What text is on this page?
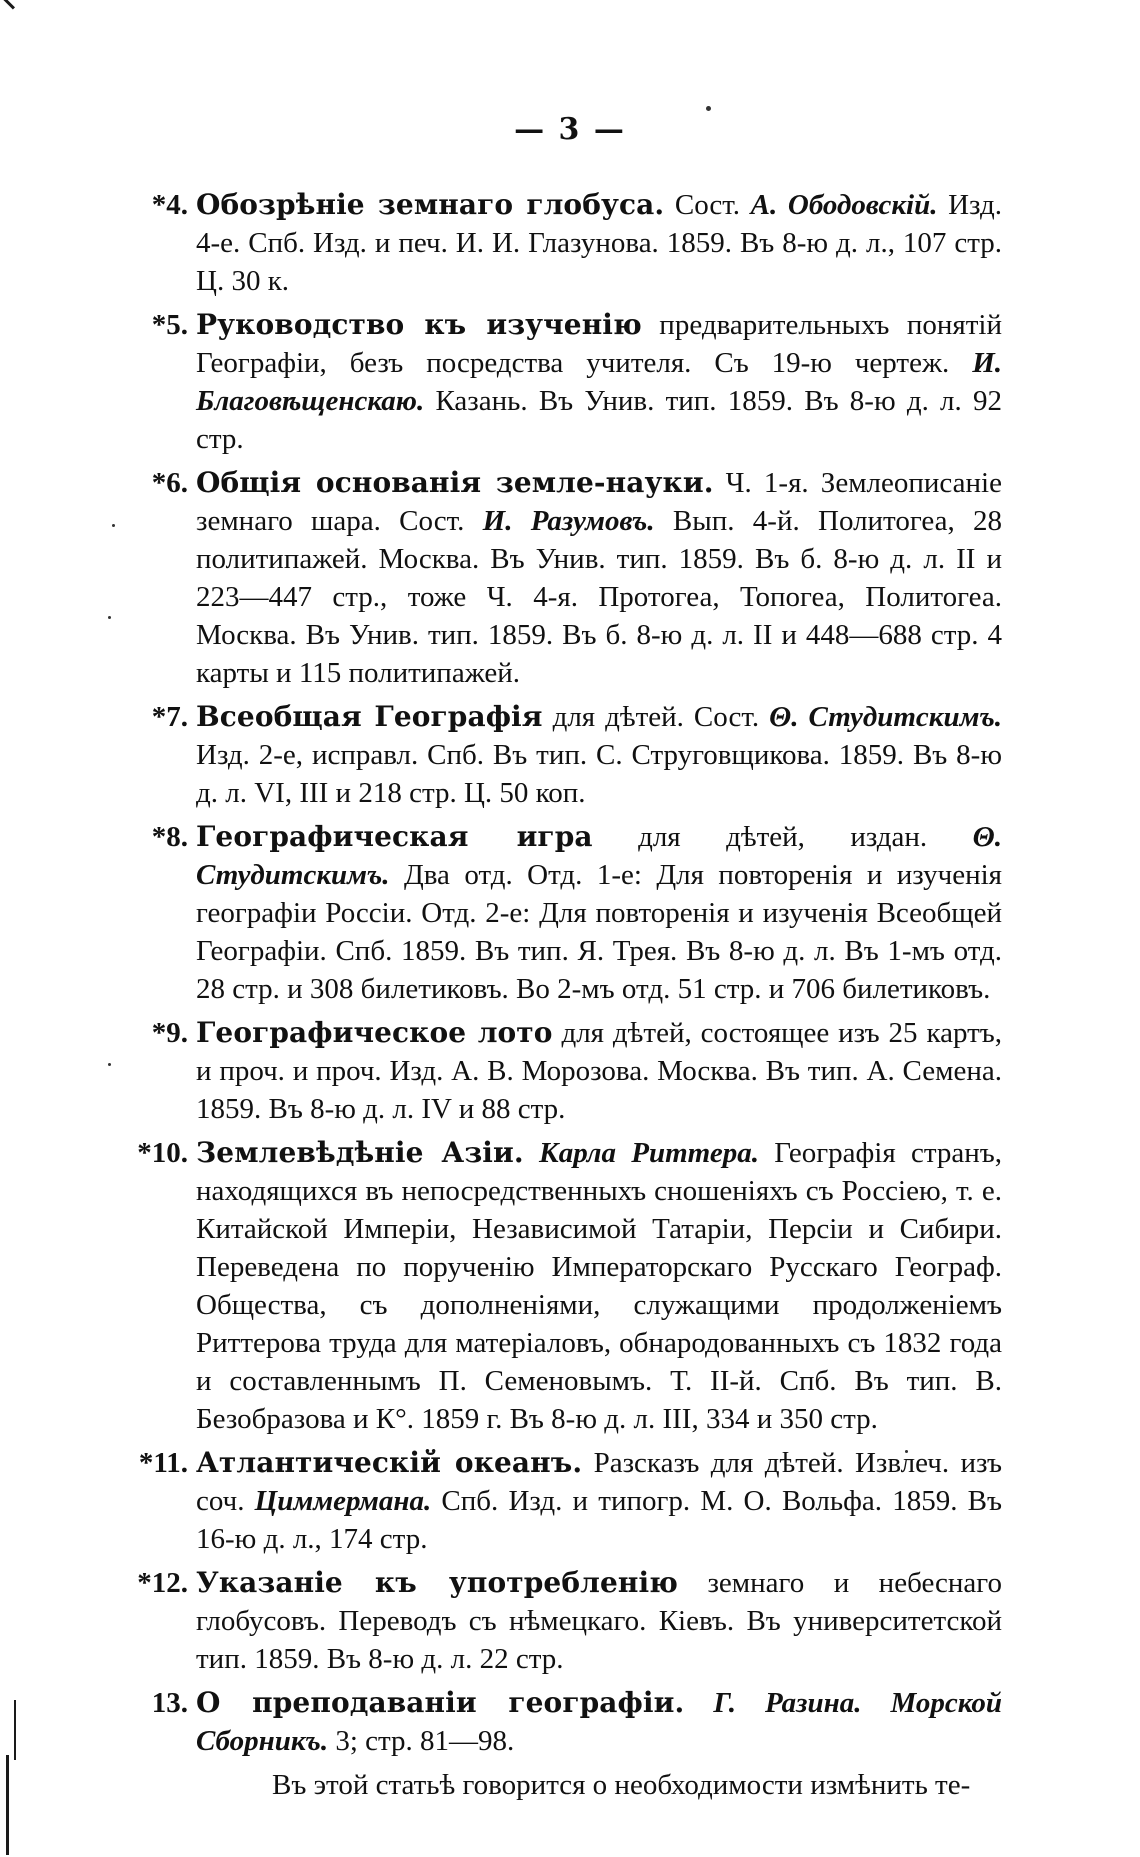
— 3 —
*4. Обозрѣніе земнаго глобуса. Сост. А. Ободовскій. Изд. 4-е. Спб. Изд. и печ. И. И. Глазунова. 1859. Въ 8-ю д. л., 107 стр. Ц. 30 к.
*5. Руководство къ изученію предварительныхъ понятій Географіи, безъ посредства учителя. Съ 19-ю чертеж. И. Благовѣщенскаю. Казань. Въ Унив. тип. 1859. Въ 8-ю д. л. 92 стр.
*6. Общія основанія земле-науки. Ч. 1-я. Землеописаніе земнаго шара. Сост. И. Разумовъ. Вып. 4-й. Политогеа, 28 политипажей. Москва. Въ Унив. тип. 1859. Въ б. 8-ю д. л. II и 223—447 стр., тоже Ч. 4-я. Протогеа, Топогеа, Политогеа. Москва. Въ Унив. тип. 1859. Въ б. 8-ю д. л. II и 448—688 стр. 4 карты и 115 политипажей.
*7. Всеобщая Географія для дѣтей. Сост. Θ. Студитскимъ. Изд. 2-е, исправл. Спб. Въ тип. С. Струговщикова. 1859. Въ 8-ю д. л. VI, III и 218 стр. Ц. 50 коп.
*8. Географическая игра для дѣтей, издан. Θ. Студитскимъ. Два отд. Отд. 1-е: Для повторенія и изученія географіи Россіи. Отд. 2-е: Для повторенія и изученія Всеобщей Географіи. Спб. 1859. Въ тип. Я. Трея. Въ 8-ю д. л. Въ 1-мъ отд. 28 стр. и 308 билетиковъ. Во 2-мъ отд. 51 стр. и 706 билетиковъ.
*9. Географическое лото для дѣтей, состоящее изъ 25 картъ, и проч. и проч. Изд. А. В. Морозова. Москва. Въ тип. А. Семена. 1859. Въ 8-ю д. л. IV и 88 стр.
*10. Землевѣдѣніе Азіи. Карла Риттера. Географія странъ, находящихся въ непосредственныхъ сношеніяхъ съ Россіею, т. е. Китайской Имперіи, Независимой Татаріи, Персіи и Сибири. Переведена по порученію Императорскаго Русскаго Географ. Общества, съ дополненіями, служащими продолженіемъ Риттерова труда для матеріаловъ, обнародованныхъ съ 1832 года и составленнымъ П. Семеновымъ. Т. II-й. Спб. Въ тип. В. Безобразова и К°. 1859 г. Въ 8-ю д. л. III, 334 и 350 стр.
*11. Атлантическій океанъ. Разсказъ для дѣтей. Извлеч. изъ соч. Циммермана. Спб. Изд. и типогр. М. О. Вольфа. 1859. Въ 16-ю д. л., 174 стр.
*12. Указаніе къ употребленію земнаго и небеснаго глобусовъ. Переводъ съ нѣмецкаго. Кіевъ. Въ университетской тип. 1859. Въ 8-ю д. л. 22 стр.
13. О преподаваніи географіи. Г. Разина. Морской Сборникъ. 3; стр. 81—98.
Въ этой статьѣ говорится о необходимости измѣнить те-
